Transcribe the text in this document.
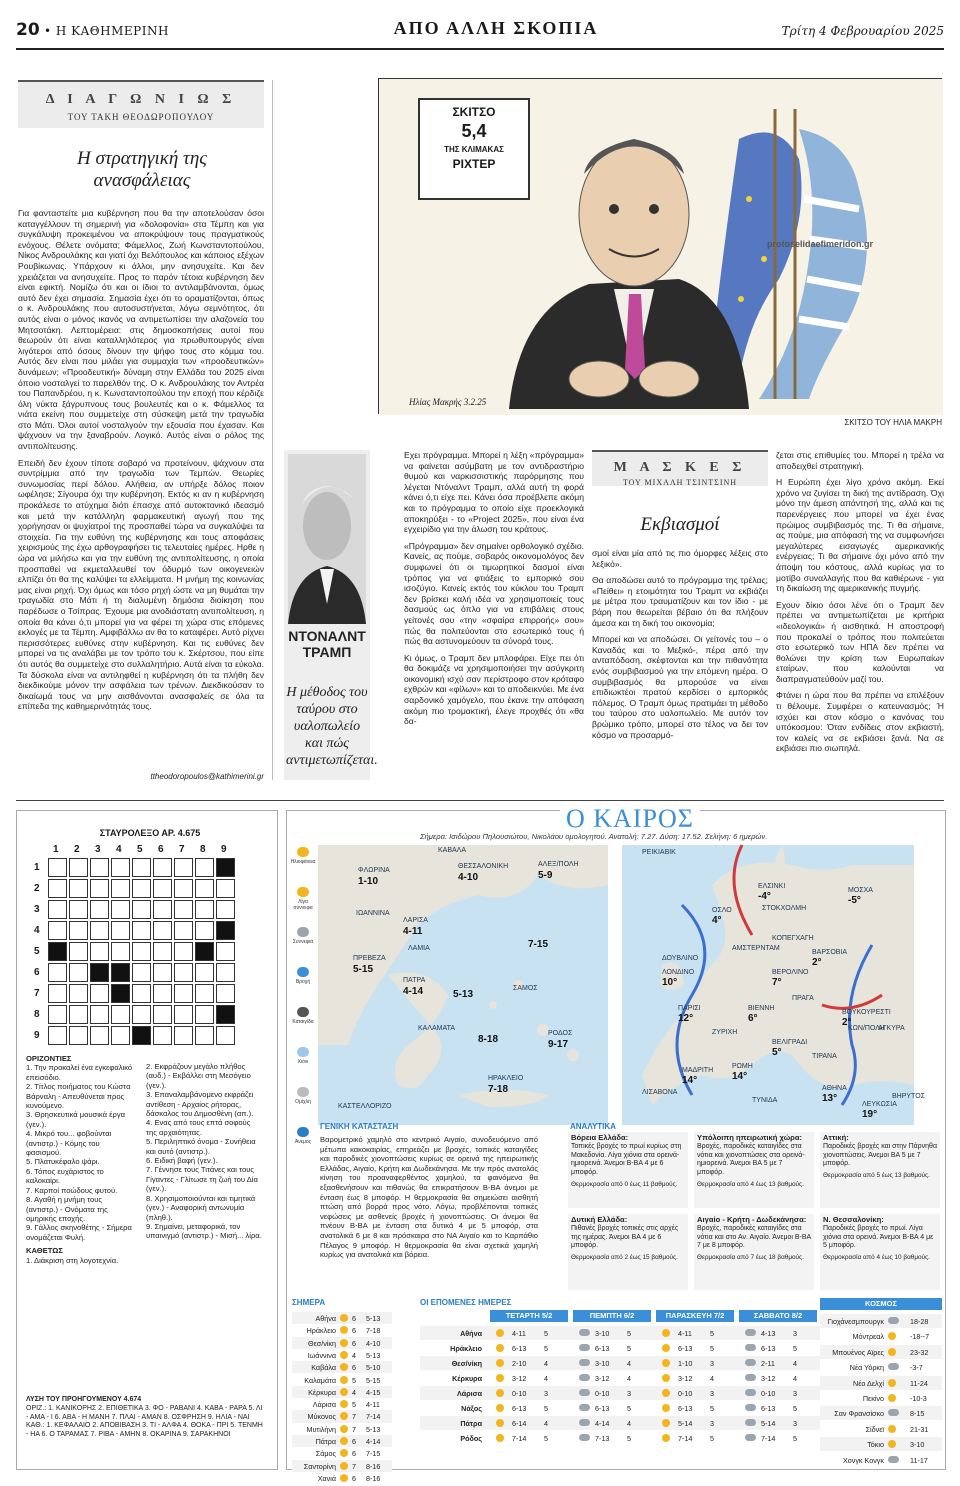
20 • Η ΚΑΘΗΜΕΡΙΝΗ	ΑΠΟ ΑΛΛΗ ΣΚΟΠΙΑ	Τρίτη 4 Φεβρουαρίου 2025
Δ Ι Α Γ Ω Ν Ι Ω Σ
ΤΟΥ ΤΑΚΗ ΘΕΟΔΩΡΟΠΟΥΛΟΥ
Η στρατηγική της ανασφάλειας

Για φανταστείτε μια κυβέρνηση που θα την αποτελούσαν όσοι καταγγέλλουν τη σημερινή για «δολοφονία» στα Τέμπη και για συγκάλυψη προκειμένου να αποκρύψουν τους πραγματικούς ενόχους. Θέλετε ονόματα; Φάμελλος, Ζωή Κωνσταντοπούλου, Νίκος Ανδρουλάκης και γιατί όχι Βελόπουλος και κάποιος εξέχων Ρουβίκωνας. Υπάρχουν κι άλλοι, μην ανησυχείτε. Και δεν χρειάζεται να ανησυχείτε. Προς το παρόν τέτοια κυβέρνηση δεν είναι εφικτή. Νομίζω ότι και οι ίδιοι το αντιλαμβάνονται, όμως αυτό δεν έχει σημασία. Σημασία έχει ότι το οραματίζονται, όπως ο κ. Ανδρουλάκης που αυτοσυστήνεται, λόγω σεμνότητος, ότι αυτός είναι ο μόνος ικανός να αντιμετωπίσει την αλαζονεία του Μητσοτάκη. Λεπτομέρεια: στις δημοσκοπήσεις αυτοί που θεωρούν ότι είναι καταλληλότερος για πρωθυπουργός είναι λιγότεροι από όσους δίνουν την ψήφο τους στο κόμμα του. Αυτός δεν είναι που μιλάει για συμμαχία των «προοδευτικών» δυνάμεων; «Προοδευτική» δύναμη στην Ελλάδα του 2025 είναι όποιο νοσταλγεί το παρελθόν της. Ο κ. Ανδρουλάκης τον Αντρέα του Παπανδρέου, η κ. Κωνσταντοπούλου την εποχή που κέρδιζε όλη νύκτα ξάγρυπνους τους βουλευτές και ο κ. Φάμελλος τα νιάτα εκείνη που συμμετείχε στη σύσκεψη μετά την τραγωδία στο Μάτι. Όλοι αυτοί νοσταλγούν την εξουσία που έχασαν. Και ψάχνουν να την ξαναβρούν. Λογικό. Αυτός είναι ο ρόλος της αντιπολίτευσης.

Επειδή δεν έχουν τίποτε σοβαρό να προτείνουν, ψάχνουν στα συντρίμμια από την τραγωδία των Τεμπών. Θεωρίες συνωμοσίας περί δόλου. Αλήθεια, αν υπήρξε δόλος ποιον ωφέλησε; Σίγουρα όχι την κυβέρνηση. Εκτός κι αν η κυβέρνηση προκάλεσε το ατύχημα διότι έπασχε από αυτοκτονικό ιδεασμό και μετά την κατάλληλη φαρμακευτική αγωγή που της χορήγησαν οι ψυχίατροί της προσπαθεί τώρα να συγκαλύψει τα στοιχεία. Για την ευθύνη της κυβέρνησης και τους αποφάσεις χειρισμούς της έχω αρθογραφήσει τις τελευταίες ημέρες. Ηρθε η ώρα να μιλήσω και για την ευθύνη της αντιπολίτευσης, η οποία προσπαθεί να εκμεταλλευθεί τον όδυρμό των οικογενειών ελπίζει ότι θα της καλύψει τα ελλείμματα. Η μνήμη της κοινωνίας μας είναι ρηχή. Όχι όμως και τόσο ρηχή ώστε να μη θυμάται την τραγωδία στο Μάτι ή τη διαλυμένη δημόσια διοίκηση που παρέδωσε ο Τσίπρας. Έχουμε μια ανοδιάστατη αντιπολίτευση, η οποία θα κάνει ό,τι μπορεί για να φέρει τη χώρα στις επόμενες εκλογές με τα Τέμπη. Αμφιβάλλω αν θα το καταφέρει. Αυτό ρίχνει περισσότερες ευθύνες στην κυβέρνηση. Και τις ευθύνες δεν μπορεί να τις αναλάβει με τον τρόπο του κ. Σκέρτσου, που είπε ότι αυτός θα συμμετείχε στο συλλαλητήριο. Αυτά είναι τα εύκολα. Τα δύσκολα είναι να αντιληφθεί η κυβέρνηση ότι τα πλήθη δεν διεκδικούμε μόνον την ασφάλεια των τρένων. Διεκδικούσαν το δικαίωμά τους να μην αισθάνονται ανασφαλείς σε όλα τα επίπεδα της καθημερινότητάς τους.

ttheodoropoulos@kathimerini.gr
ΣΚΙΤΣΟ
5,4
ΤΗΣ ΚΛΙΜΑΚΑΣ
ΡΙΧΤΕΡ
protoselidaefimeridon.gr
Ηλίας Μακρής 3.2.25
ΣΚΙΤΣΟ ΤΟΥ ΗΛΙΑ ΜΑΚΡΗ
ΝΤΟΝΑΛΝΤ ΤΡΑΜΠ
Η μέθοδος του ταύρου στο υαλοπωλείο και πώς αντιμετωπίζεται.

Εχει πρόγραμμα. Μπορεί η λέξη «πρόγραμμα» να φαίνεται ασύμβατη με τον αντιδραστήριο θυμού και ναρκισσιστικής παρόρμησης που λέγεται Ντόναλντ Τραμπ, αλλά αυτή τη φορά κάνει ό,τι είχε πει. Κάνει όσα προέβλεπε ακόμη και το πρόγραμμα το οποίο είχε προεκλογικά αποκηρύξει - το «Project 2025», που είναι ένα εγχειρίδιο για την άλωση του κράτους.

«Πρόγραμμα» δεν σημαίνει ορθολογικό σχέδιο. Κανείς, ας πούμε, σοβαρός οικονομολόγος δεν συμφωνεί ότι οι τιμωρητικοί δασμοί είναι τρόπος για να φτιάξεις το εμπορικό σου ισοζύγιο. Κανείς εκτός του κύκλου του Τραμπ δεν βρίσκει καλή ιδέα να χρησιμοποιείς τους δασμούς ως όπλο για να επιβάλεις στους γείτονές σου «την «σφαίρα επιρροής» σου» πώς θα πολιτεύονται στο εσωτερικό τους ή πώς θα αστυνομεύουν τα σύνορά τους.

Κι όμως, ο Τραμπ δεν μπλοφάρει. Είχε πει ότι θα δοκιμάζε να χρησιμοποιήσει την ασύγκριτη οικονομική ισχύ σαν περίστροφο στον κρόταφο εχθρών και «φίλων» και το αποδεικνύει. Με ένα σαρδονικό χαμόγελο, που έκανε την απόφαση ακόμη πιο τρομακτική, έλεγε προχθές ότι «θα δα-

Μ Α Σ Κ Ε Σ
ΤΟΥ ΜΙΧΑΛΗ ΤΣΙΝΤΣΙΝΗ
Εκβιασμοί

σμοί είναι μία από τις πιο όμορφες λέξεις στο λεξικό».

Θα αποδώσει αυτό το πρόγραμμα της τρέλας; «Πείθει» η ετοιμότητα του Τραμπ να εκβιάζει με μέτρα που τραυματίζουν και τον ίδιο - με βάρη που θεωρείται βέβαιο ότι θα πλήξουν άμεσα και τη δική του οικονομία;

Μπορεί και να αποδώσει. Οι γείτονές του – ο Καναδάς και το Μεξικό-, πέρα από την ανταπόδοση, σκέφτονται και την πιθανότητα ενός συμβιβασμού για την επόμενη ημέρα. Ο συμβιβασμός θα μπορούσε να είναι επιδιωκτέοι πρατού κερδίσει ο εμπορικός πόλεμος. Ο Τραμπ όμως πρατιμάει τη μέθοδο του ταύρου στο υαλοπωλείο. Με αυτόν τον βρώμικο τρόπο, μπορεί στο τέλος να δει τον κόσμο να προσαρμό-

ζεται στις επιθυμίες του. Μπορεί η τρέλα να αποδειχθεί στρατηγική.

Η Ευρώπη έχει λίγο χρόνο ακόμη. Εκεί χρόνο να ζυγίσει τη δική της αντίδραση. Όχι μόνο την άμεση απάντησή της, αλλά και τις παρενέργειες που μπορεί να έχει ένας πρώιμος συμβιβασμός της. Τι θα σήμαινε, ας πούμε, μια απόφασή της να συμφωνήσει μεγαλύτερες εισαγωγές αμερικανικής ενέργειας; Τι θα σήμαινε όχι μόνο από την άποψη του κόστους, αλλά κυρίως για το μοτίβο συναλλαγής που θα καθιέρωνε - για τη δικαίωση της αμερικανικής πυγμής.

Εχουν δίκιο όσοι λένε ότι ο Τραμπ δεν πρέπει να αντιμετωπίζεται με κριτήρια «ιδεολογικά» ή αισθητικά. Η αποστροφή που προκαλεί ο τρόπος που πολιτεύεται στο εσωτερικό των ΗΠΑ δεν πρέπει να θολώνει την κρίση των Ευρωπαίων εταίρων, που καλούνται να διαπραγματεύθούν μαζί του.

Φτάνει η ώρα που θα πρέπει να επιλέξουν τι θέλουμε. Συμφέρει ο κατευνασμός; Ή ισχύει και στον κόσμο ο κανόνας του υπόκοσμου: Όταν ενδίδεις στον εκβιαστή, τον καλείς να σε εκβιάσει ξανά. Να σε εκβιάσει πιο σιωπηλά.

ΣΤΑΥΡΟΛΕΞΟ ΑΡ. 4.675
1 2 3 4 5 6 7 8 9
1
2
3
4
5
6
7
8
9
ΟΡΙΖΟΝΤΙΕΣ
1. Την προκαλεί ένα εγκεφαλικό επεισόδιο.
2. Τίτλος ποιήματος του Κώστα Βάρναλη - Απευθύνεται προς κυνούμενο.
3. Θρησκευτικά μουσικά έργα (γεν.).
4. Μικρό του... φοβούνται (αντιστρ.) - Κόμης του φασισμού.
5. Πλατυκέφαλο ψάρι.
6. Τόπος ευχάριστος το καλοκαίρι.
7. Καρποί ποώδους φυτού.
8. Αγαθή η μνήμη τους (αντιστρ.) - Ονόματα της ομηρικής εποχής.
9. Γάλλος σκηνοθέτης - Σήμερα ονομάζεται Φυλή.
ΚΑΘΕΤΩΣ
1. Διάκριση στη λογοτεχνία.
2. Εκφράζουν μεγάλο πλήθος (αυδ.) - Εκβάλλει στη Μεσόγειο (γεν.).
3. Επαναλαμβάνομενο εκφράζει αντίθεση - Αρχαίος ρήτορας, δάσκαλος του Δημοσθένη (απ.).
4. Ενας από τους επτά σοφούς της αρχαιότητας.
5. Περιληπτικό όνομα - Συνήθεια και αυτό (αντιστρ.).
6. Ειδική βαφή (γεν.).
7. Γέννησε τους Τιτάνες και τους Γίγαντες - Γλίτωσε τη ζωή του Δία (γεν.).
8. Χρησιμοποιούνται και τιμητικά (γεν.) - Αναφορική αντωνυμία (πληθ.).
9. Σημαίνει, μεταφορικά, τον υπαινιγμό (αντιστρ.) - Μισή... λίρα.
ΛΥΣΗ ΤΟΥ ΠΡΟΗΓΟΥΜΕΝΟΥ 4.674
ΟΡΙΖ.: 1. ΚΑΝΙΚΟΡΗΣ 2. ΕΠΙΘΕΤΙΚΑ 3. ΦΟ - ΡΑΒΑΝΙ 4. ΚΑΒΑ - ΡΑΡΑ 5. ΛΙ - ΑΜΑ - Ι 6. ΑΒΑ - Η ΜΑΝΗ 7. ΠΛΑΙ - ΑΜΑΝ 8. ΟΣΦΡΗΣΗ 9. ΗΛΙΑ - ΝΑΙ ΚΑΘ.: 1. ΚΕΦΑΛΑΙΟ 2. ΑΠΟΒΙΒΑΣΗ 3. ΤΙ - ΑΛΦΑ 4. ΘΟΚΑ - ΠΡΙ 5. ΤΕΝΜΗ - ΗΑ 6. Ο ΤΑΡΑΜΑΣ 7. ΡΙΒΑ - ΑΜΗΝ 8. ΟΚΑΡΙΝΑ 9. ΣΑΡΑΚΗΝΟΙ
Ο ΚΑΙΡΟΣ
Σήμερα: Ισιδώρου Πηλουσιώτου, Νικολάου ομολογητού. Ανατολή: 7.27. Δύση: 17.52. Σελήνη: 6 ημερών.
Ηλιοφάνεια
Λίγα σύννεφα
Συννεφιά
Βροχή
Καταιγίδα
Χιόνι
Ομίχλη
Άνεμος
ΚΑΒΑΛΑ
ΘΕΣΣΑΛΟΝΙΚΗ
4-10
ΑΛΕΞ/ΠΟΛΗ
5-9
ΦΛΩΡΙΝΑ
1-10
ΙΩΑΝΝΙΝΑ
ΛΑΡΙΣΑ
4-11
7-15
ΠΡΕΒΕΖΑ
5-15
ΛΑΜΙΑ
ΠΑΤΡΑ
4-14	5-13
ΣΑΜΟΣ
ΚΑΛΑΜΑΤΑ
8-18
ΡΟΔΟΣ
9-17
ΗΡΑΚΛΕΙΟ
7-18
ΚΑΣΤΕΛΛΟΡΙΖΟ
ΡΕΙΚΙΑΒΙΚ
ΕΛΣΙΝΚΙ
-4°
ΜΟΣΧΑ
-5°
ΟΣΛΟ
4°
ΣΤΟΚΧΟΛΜΗ
ΚΟΠΕΓΧΑΓΗ
ΔΟΥΒΛΙΝΟ
ΑΜΣΤΕΡΝΤΑΜ
ΒΑΡΣΟΒΙΑ
2°
ΛΟΝΔΙΝΟ
10°
ΒΕΡΟΛΙΝΟ
7°
ΠΑΡΙΣΙ
12°
ΠΡΑΓΑ
ΒΙΕΝΝΗ
6°
ΒΟΥΚΟΥΡΕΣΤΙ
2°
ΖΥΡΙΧΗ
ΒΕΛΙΓΡΑΔΙ
5°
ΚΩΝ/ΠΟΛΗ
ΑΓΚΥΡΑ
ΤΙΡΑΝΑ
ΜΑΔΡΙΤΗ
14°
ΡΩΜΗ
14°
ΑΘΗΝΑ
13°
ΛΙΣΑΒΟΝΑ
ΤΥΝΙΔΑ
ΛΕΥΚΩΣΙΑ
19°
ΒΗΡΥΤΟΣ
ΓΕΝΙΚΗ ΚΑΤΑΣΤΑΣΗ
Βαρομετρικό χαμηλό στο κεντρικό Αιγαίο, συνοδευόμενο από μέτωπα κακοκαιρίας, επηρεάζει με βροχές, τοπικές καταιγίδες και παροδικές χιονοπτώσεις κυρίως σε ορεινά της ηπειρωτικής Ελλάδας, Αιγαίο, Κρήτη και Δωδεκάνησα. Με την πρός ανατολάς κίνηση του προαναφερθέντος χαμηλού, τα φαινόμενα θα εξασθενήσουν και πιθανώς θα επικρατήσουν Β-ΒΑ άνεμοι με ένταση έως 8 μποφόρ. Η θερμοκρασία θα σημειώσει αισθητή πτώση από βορρά προς νότο. Λόγω, προβλέπονται τοπικές νεφώσεις με ασθενείς βροχές ή χιονοπτώσεις. Οι άνεμοι θα πνέουν Β-ΒΑ με ένταση στα δυτικά 4 με 5 μποφόρ, στα ανατολικά 6 με 8 και πρόσκαιρα στο ΝΑ Αιγαίο και το Καρπάθιο Πέλαγος 9 μποφόρ. Η θερμοκρασία θα είναι σχετικά χαμηλή κυρίως για ανατολικά και βόρεια.
ΑΝΑΛΥΤΙΚΑ
Βόρεια Ελλάδα:
Τοπικές βροχές το πρωί κυρίως στη Μακεδονία. Λίγα χιόνια στα ορεινά-ημιορεινά. Άνεμοι Β-ΒΑ 4 με 6 μποφόρ.
Θερμοκρασία από 0 έως 11 βαθμούς.
Υπόλοιπη ηπειρωτική χώρα:
Βροχές, παροδικές καταιγίδες στα νότια και χιονοπτώσεις στα ορεινά-ημιορεινά. Άνεμοι ΒΑ 5 με 7 μποφόρ.
Θερμοκρασία από 4 έως 13 βαθμούς.
Αττική:
Παροδικές βροχές και στην Πάρνηθα χιονοπτώσεις. Άνεμοι ΒΑ 5 με 7 μποφόρ.
Θερμοκρασία από 5 έως 13 βαθμούς.
Δυτική Ελλάδα:
Πιθανές βροχές τοπικές στις αρχές της ημέρας. Άνεμοι ΒΑ 4 με 6 μποφόρ.
Θερμοκρασία από 2 έως 15 βαθμούς.
Αιγαίο - Κρήτη - Δωδεκάνησα:
Βροχές, παροδικές καταιγίδες στα νότια και στο Αν. Αιγαίο. Άνεμοι Β-ΒΑ 7 με 8 μποφόρ.
Θερμοκρασία από 7 έως 18 βαθμούς.
Ν. Θεσσαλονίκη:
Παροδικές βροχές το πρωί. Λίγα χιόνια στα ορεινά. Άνεμοι Β-ΒΑ 4 με 5 μποφόρ.
Θερμοκρασία από 4 έως 10 βαθμούς.
ΣΗΜΕΡΑ
Αθήνα 6 5-13
Ηράκλειο 6 7-18
Θεσ/νίκη 6 4-10
Ιωάννινα 4 5-13
Καβάλα 6 5-10
Καλαμάτα 5 5-15
Κέρκυρα 4 4-15
Λάρισα 5 4-11
Μύκονος 7 7-14
Μυτιλήνη 7 5-13
Πάτρα 6 4-14
Σάμος 6 7-15
Σαντορίνη 7 8-16
Χανιά 6 8-16
ΟΙ ΕΠΟΜΕΝΕΣ ΗΜΕΡΕΣ
ΤΕΤΑΡΤΗ 5/2	ΠΕΜΠΤΗ 6/2	ΠΑΡΑΣΚΕΥΗ 7/2	ΣΑΒΒΑΤΟ 8/2
Αθήνα	4-11	5	3-10 5	4-11	5	4-13 3
Ηράκλειο	6-13 5	6-13 5	6-13 5	6-13 5
Θεσ/νίκη	2-10 4	3-10 4	1-10 3	2-11	4
Κέρκυρα	3-12 4	3-12 4	3-12 4	3-12 4
Λάρισα	0-10 3	0-10 3	0-10 3	0-10 3
Νάξος	6-13 5	6-13 5	6-13 5	6-13 5
Πάτρα	6-14 4	4-14 4	5-14 3	5-14 3
Ρόδος	7-14 5	7-13 5	7-14 5	7-14 5
ΚΟΣΜΟΣ
Γιοχάνεσμπουργκ	18-28
Μόντρεαλ	-18--7
Μπουένος Αϊρες	23-32
Νέα Υόρκη	-3-7
Νέο Δελχί	11-24
Πεκίνο	-10-3
Σαν Φρανσίσκο	8-15
Σίδνεϊ	21-31
Τόκιο	3-10
Χονγκ Κονγκ	11-17
